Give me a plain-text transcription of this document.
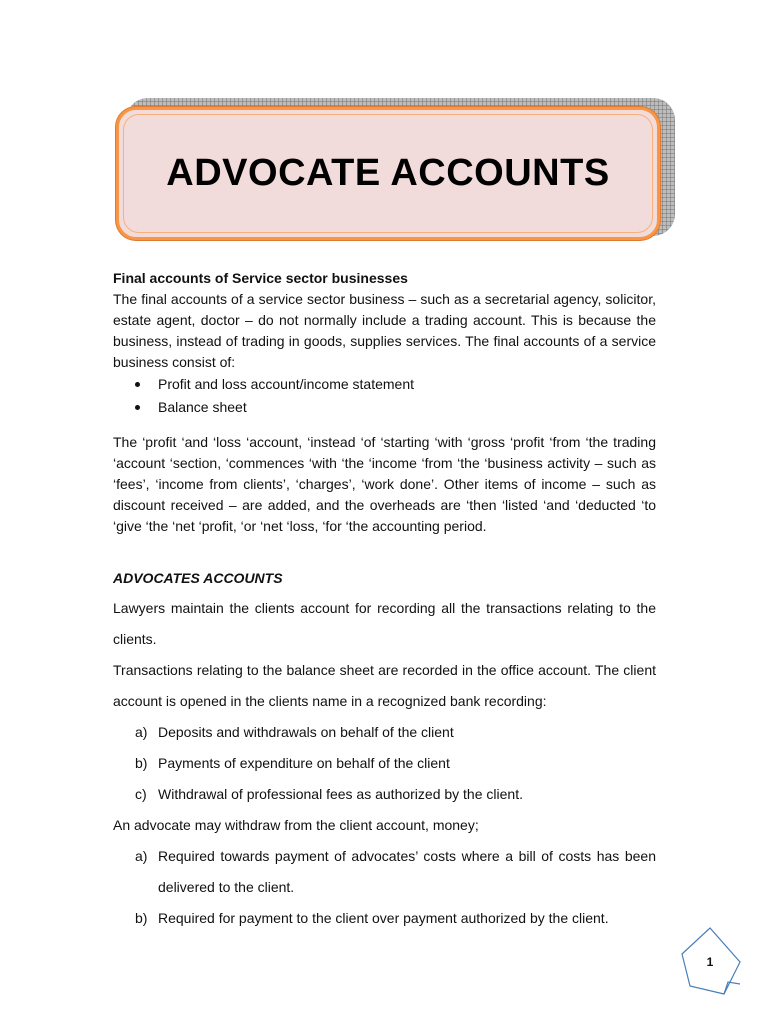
ADVOCATE ACCOUNTS
Final accounts of Service sector businesses

The final accounts of a service sector business – such as a secretarial agency, solicitor, estate agent, doctor – do not normally include a trading account. This is because the business, instead of trading in goods, supplies services. The final accounts of a service business consist of:

Profit and loss account/income statement
Balance sheet

The ‘profit ‘and ‘loss ‘account, ‘instead ‘of ‘starting ‘with ‘gross ‘profit ‘from ‘the trading ‘account ‘section, ‘commences ‘with ‘the ‘income ‘from ‘the ‘business activity – such as ‘fees’, ‘income from clients’, ‘charges’, ‘work done’. Other items of income – such as discount received – are added, and the overheads are ‘then ‘listed ‘and ‘deducted ‘to ‘give ‘the ‘net ‘profit, ‘or ‘net ‘loss, ‘for ‘the accounting period.

ADVOCATES ACCOUNTS

Lawyers maintain the clients account for recording all the transactions relating to the clients.

Transactions relating to the balance sheet are recorded in the office account. The client account is opened in the clients name in a recognized bank recording:

a) Deposits and withdrawals on behalf of the client
b) Payments of expenditure on behalf of the client
c) Withdrawal of professional fees as authorized by the client.

An advocate may withdraw from the client account, money;

a) Required towards payment of advocates’ costs where a bill of costs has been delivered to the client.
b) Required for payment to the client over payment authorized by the client.
1
